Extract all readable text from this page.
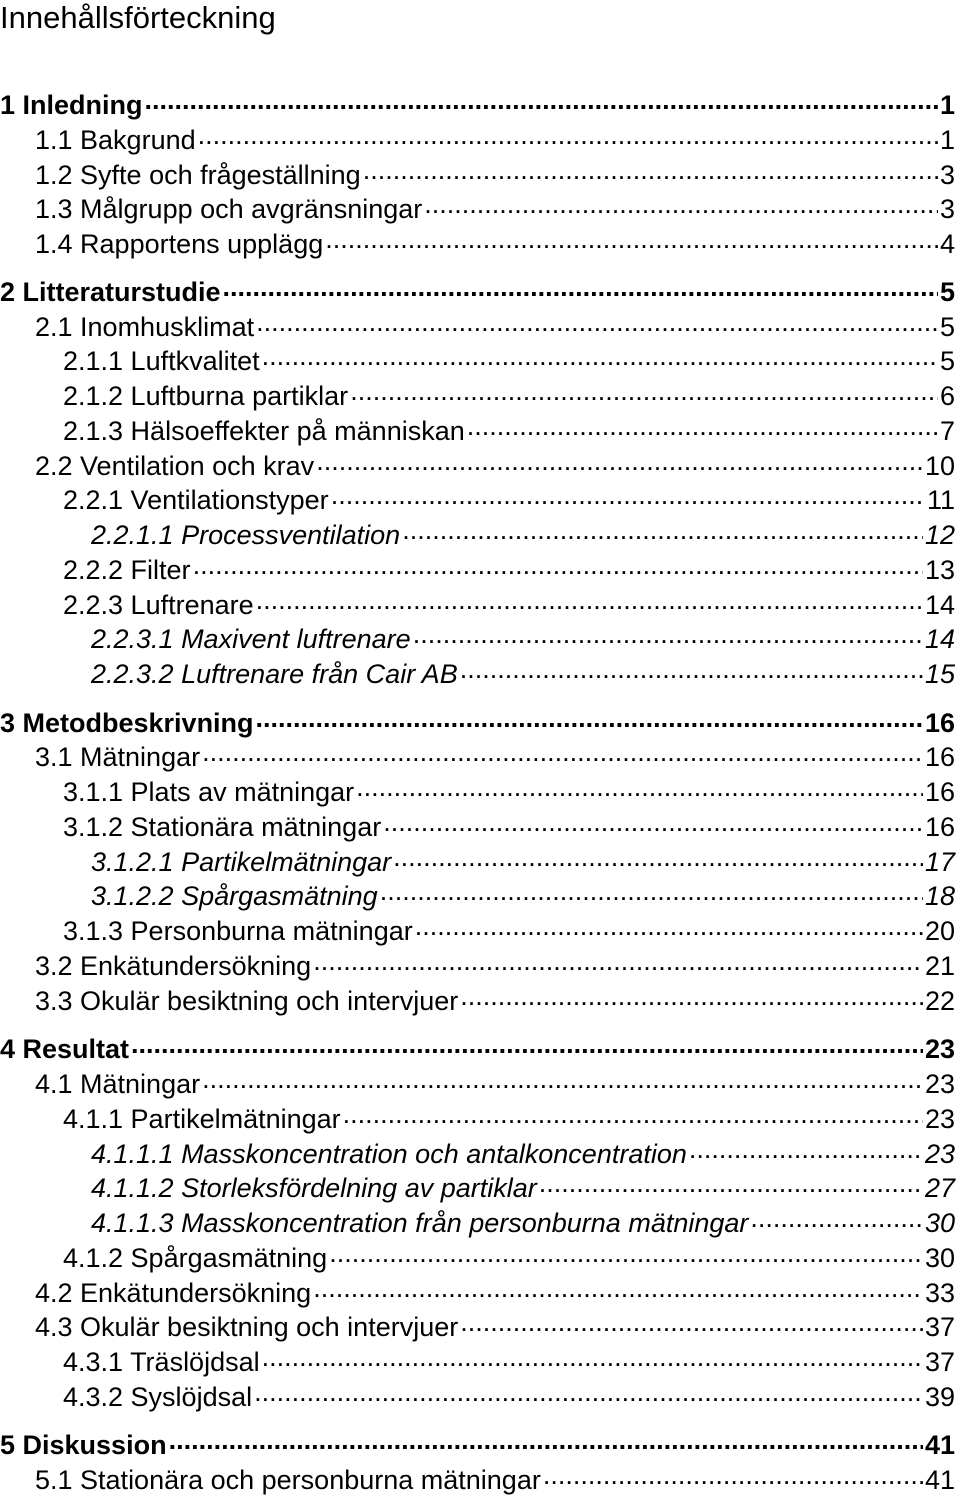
Innehållsförteckning
1 Inledning .....	1
1.1 Bakgrund .....	1
1.2 Syfte och frågeställning .....	3
1.3 Målgrupp och avgränsningar .....	3
1.4 Rapportens upplägg .....	4
2 Litteraturstudie .....	5
2.1 Inomhusklimat .....	5
2.1.1 Luftkvalitet .....	5
2.1.2 Luftburna partiklar .....	6
2.1.3 Hälsoeffekter på människan .....	7
2.2 Ventilation och krav .....	10
2.2.1 Ventilationstyper .....	11
2.2.1.1 Processventilation .....	12
2.2.2 Filter .....	13
2.2.3 Luftrenare .....	14
2.2.3.1 Maxivent luftrenare .....	14
2.2.3.2 Luftrenare från Cair AB .....	15
3 Metodbeskrivning .....	16
3.1 Mätningar .....	16
3.1.1 Plats av mätningar .....	16
3.1.2 Stationära mätningar .....	16
3.1.2.1 Partikelmätningar .....	17
3.1.2.2 Spårgasmätning .....	18
3.1.3 Personburna mätningar .....	20
3.2 Enkätundersökning .....	21
3.3 Okulär besiktning och intervjuer .....	22
4 Resultat .....	23
4.1 Mätningar .....	23
4.1.1 Partikelmätningar .....	23
4.1.1.1 Masskoncentration och antalkoncentration .....	23
4.1.1.2 Storleksfördelning av partiklar .....	27
4.1.1.3 Masskoncentration från personburna mätningar .....	30
4.1.2 Spårgasmätning .....	30
4.2 Enkätundersökning .....	33
4.3 Okulär besiktning och intervjuer .....	37
4.3.1 Träslöjdsal .....	37
4.3.2 Syslöjdsal .....	39
5 Diskussion .....	41
5.1 Stationära och personburna mätningar .....	41
